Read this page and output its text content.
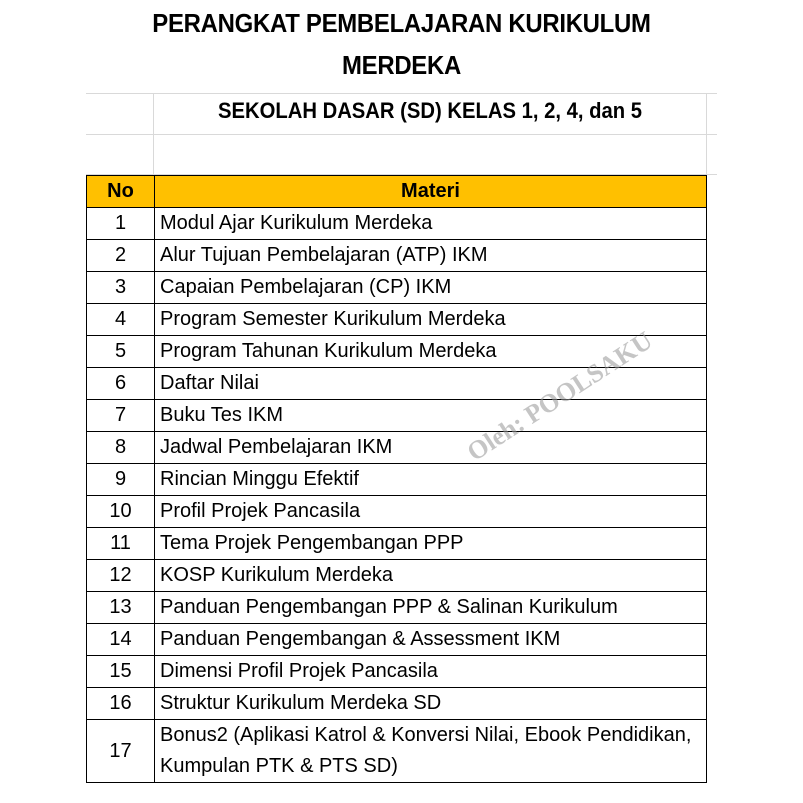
PERANGKAT PEMBELAJARAN KURIKULUM
MERDEKA
SEKOLAH DASAR (SD) KELAS 1, 2, 4, dan 5
No	Materi
1	Modul Ajar Kurikulum Merdeka
2	Alur Tujuan Pembelajaran (ATP) IKM
3	Capaian Pembelajaran (CP) IKM
4	Program Semester Kurikulum Merdeka
5	Program Tahunan Kurikulum Merdeka
6	Daftar Nilai
7	Buku Tes IKM
8	Jadwal Pembelajaran IKM
9	Rincian Minggu Efektif
10	Profil Projek Pancasila
11	Tema Projek Pengembangan PPP
12	KOSP Kurikulum Merdeka
13	Panduan Pengembangan PPP & Salinan Kurikulum
14	Panduan Pengembangan & Assessment IKM
15	Dimensi Profil Projek Pancasila
16	Struktur Kurikulum Merdeka SD
17	Bonus2 (Aplikasi Katrol & Konversi Nilai, Ebook Pendidikan, Kumpulan PTK & PTS SD)
Oleh: POOLSAKU
